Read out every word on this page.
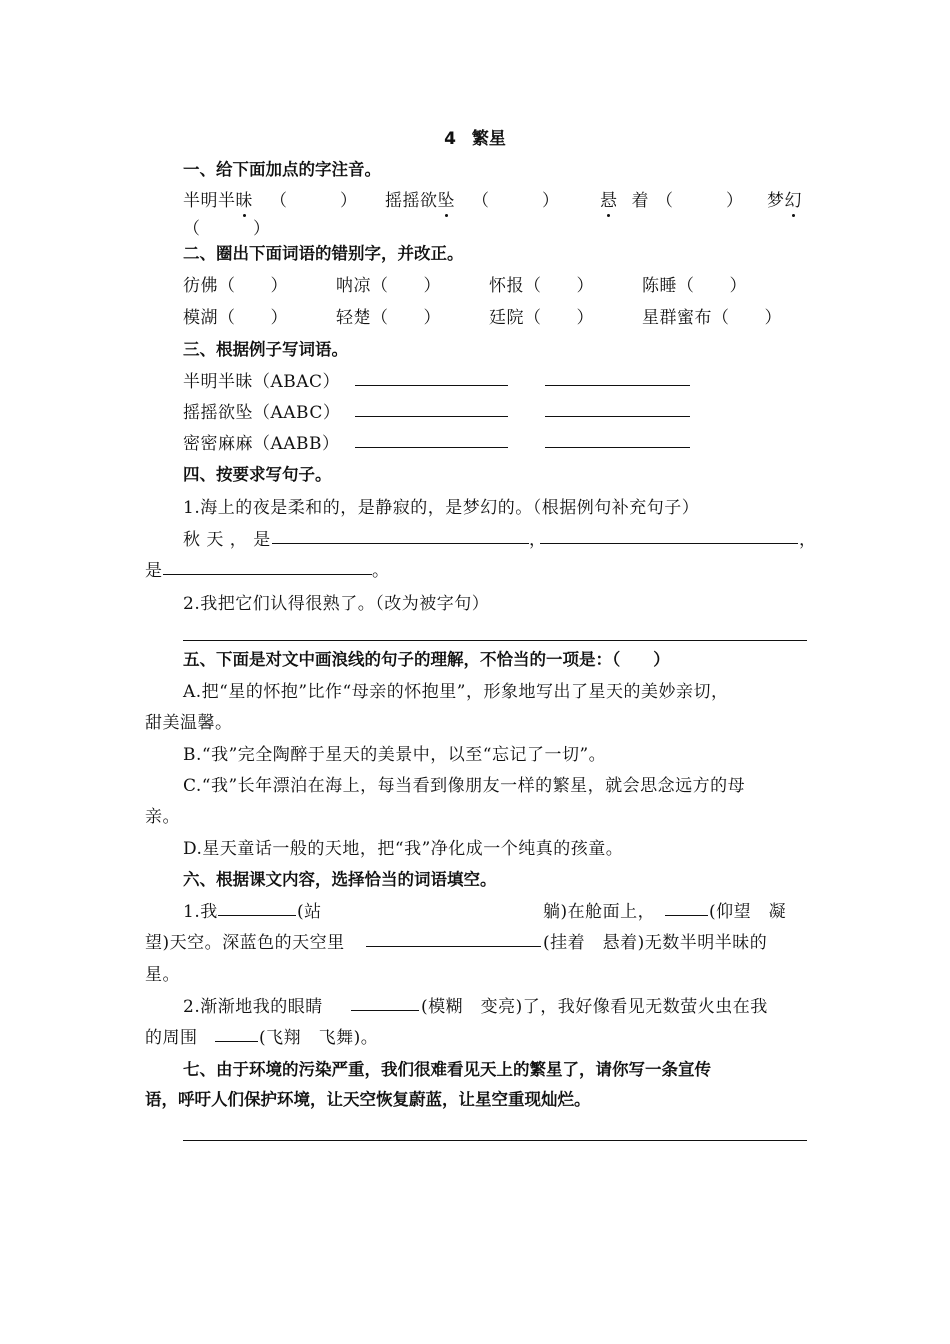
4 繁星
一、给下面加点的字注音。
半明半昧 （　　　） 摇摇欲坠 （　　　） 悬 着 （　　　） 梦幻
（　　　）
二、圈出下面词语的错别字，并改正。
彷佛（　　）	呐凉（　　）	怀报（　　）	陈睡（　　）
模湖（　　）	轻楚（　　）	廷院（　　）	星群蜜布（　　）
三、根据例子写词语。
半明半昧（ABAC）
摇摇欲坠（AABC）
密密麻麻（AABB）
四、按要求写句子。
1.海上的夜是柔和的，是静寂的，是梦幻的。（根据例句补充句子）
秋 天 ， 是	，	，
是	。
2.我把它们认得很熟了。（改为被字句）
五、下面是对文中画浪线的句子的理解，不恰当的一项是：（　　）
A.把“星的怀抱”比作“母亲的怀抱里”，形象地写出了星天的美妙亲切，
甜美温馨。
B.“我”完全陶醉于星天的美景中，以至“忘记了一切”。
C.“我”长年漂泊在海上，每当看到像朋友一样的繁星，就会思念远方的母
亲。
D.星天童话一般的天地，把“我”净化成一个纯真的孩童。
六、根据课文内容，选择恰当的词语填空。
1.我	(站	躺)在舱面上，	(仰望　凝
望)天空。深蓝色的天空里	(挂着　悬着)无数半明半昧的
星。
2.渐渐地我的眼睛	(模糊　变亮)了，我好像看见无数萤火虫在我
的周围	(飞翔　飞舞)。
七、由于环境的污染严重，我们很难看见天上的繁星了，请你写一条宣传
语，呼吁人们保护环境，让天空恢复蔚蓝，让星空重现灿烂。
